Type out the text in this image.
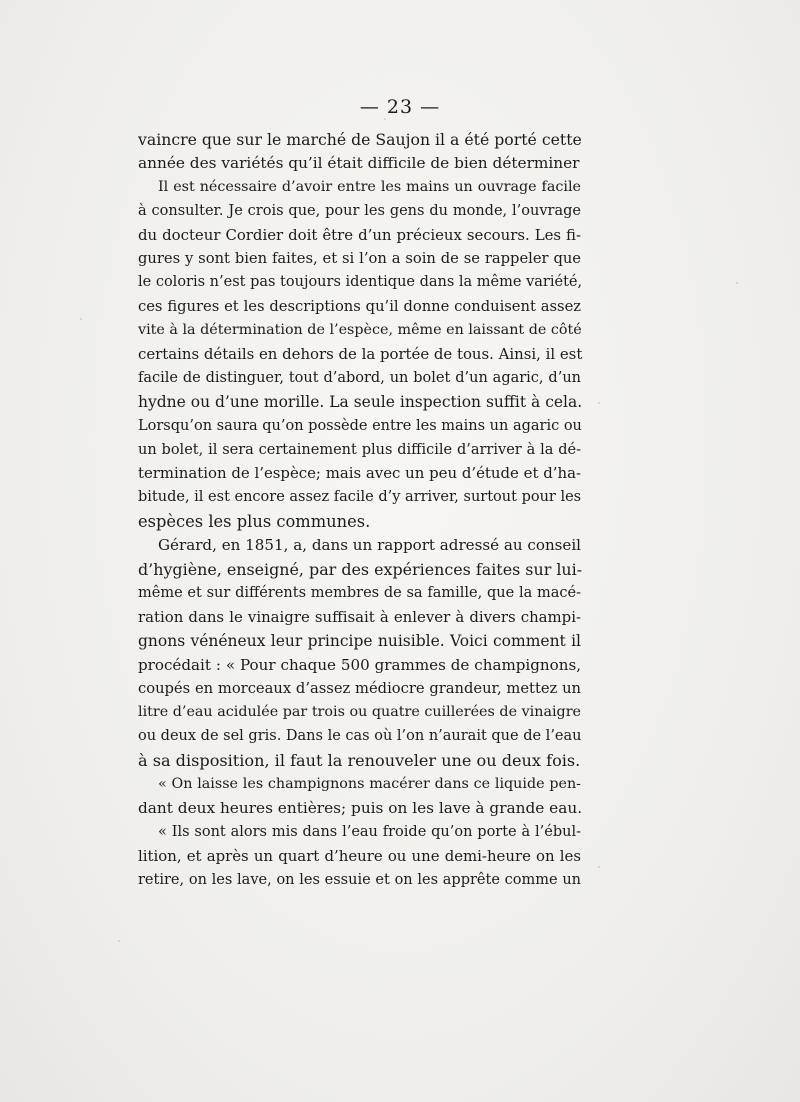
— 23 —
vaincre que sur le marché de Saujon il a été porté cette
année des variétés qu’il était difficile de bien déterminer
Il est nécessaire d’avoir entre les mains un ouvrage facile
à consulter. Je crois que, pour les gens du monde, l’ouvrage
du docteur Cordier doit être d’un précieux secours. Les fi-
gures y sont bien faites, et si l’on a soin de se rappeler que
le coloris n’est pas toujours identique dans la même variété,
ces figures et les descriptions qu’il donne conduisent assez
vite à la détermination de l’espèce, même en laissant de côté
certains détails en dehors de la portée de tous. Ainsi, il est
facile de distinguer, tout d’abord, un bolet d’un agaric, d’un
hydne ou d’une morille. La seule inspection suffit à cela.
Lorsqu’on saura qu’on possède entre les mains un agaric ou
un bolet, il sera certainement plus difficile d’arriver à la dé-
termination de l’espèce; mais avec un peu d’étude et d’ha-
bitude, il est encore assez facile d’y arriver, surtout pour les
espèces les plus communes.
Gérard, en 1851, a, dans un rapport adressé au conseil
d’hygiène, enseigné, par des expériences faites sur lui-
même et sur différents membres de sa famille, que la macé-
ration dans le vinaigre suffisait à enlever à divers champi-
gnons vénéneux leur principe nuisible. Voici comment il
procédait : « Pour chaque 500 grammes de champignons,
coupés en morceaux d’assez médiocre grandeur, mettez un
litre d’eau acidulée par trois ou quatre cuillerées de vinaigre
ou deux de sel gris. Dans le cas où l’on n’aurait que de l’eau
à sa disposition, il faut la renouveler une ou deux fois.
« On laisse les champignons macérer dans ce liquide pen-
dant deux heures entières; puis on les lave à grande eau.
« Ils sont alors mis dans l’eau froide qu’on porte à l’ébul-
lition, et après un quart d’heure ou une demi-heure on les
retire, on les lave, on les essuie et on les apprête comme un
